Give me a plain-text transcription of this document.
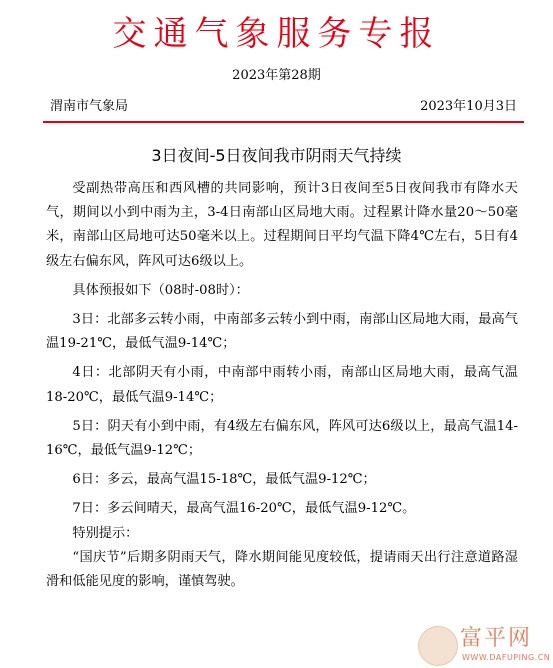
交通气象服务专报
2023年第28期
渭南市气象局	2023年10月3日
3日夜间-5日夜间我市阴雨天气持续

受副热带高压和西风槽的共同影响，预计3日夜间至5日夜间我市有降水天气，期间以小到中雨为主，3-4日南部山区局地大雨。过程累计降水量20～50毫米，南部山区局地可达50毫米以上。过程期间日平均气温下降4℃左右，5日有4级左右偏东风，阵风可达6级以上。

具体预报如下（08时-08时）：

3日：北部多云转小雨，中南部多云转小到中雨，南部山区局地大雨，最高气温19-21℃，最低气温9-14℃；

4日：北部阴天有小雨，中南部中雨转小雨，南部山区局地大雨，最高气温18-20℃，最低气温9-14℃；

5日：阴天有小到中雨，有4级左右偏东风，阵风可达6级以上，最高气温14-16℃，最低气温9-12℃；

6日：多云，最高气温15-18℃，最低气温9-12℃；

7日：多云间晴天，最高气温16-20℃，最低气温9-12℃。

特别提示：

“国庆节”后期多阴雨天气，降水期间能见度较低，提请雨天出行注意道路湿滑和低能见度的影响，谨慎驾驶。

富平网
WWW.DAFUPING.CN
